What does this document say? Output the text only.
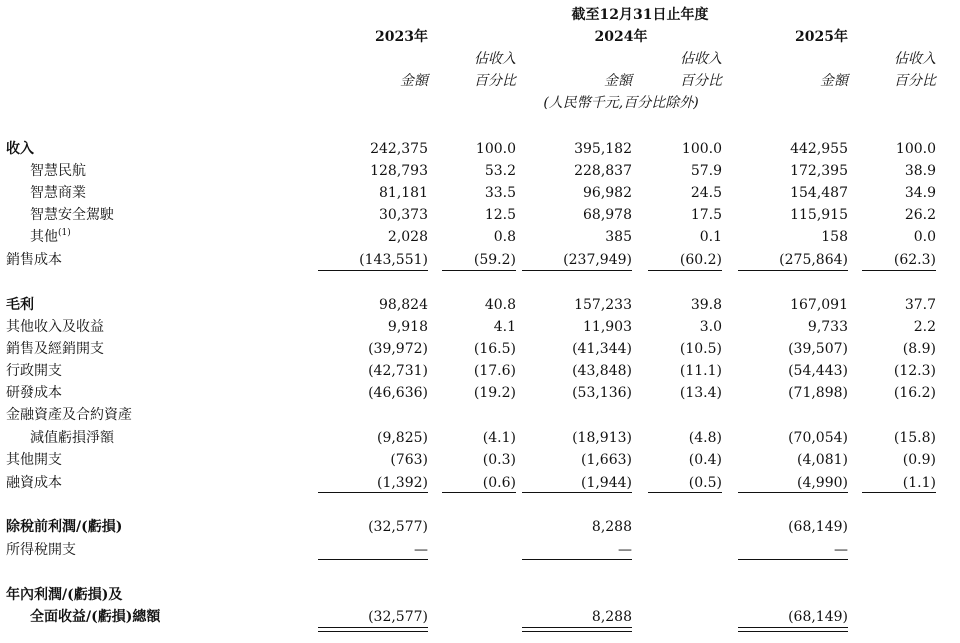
截至12月31日止年度
2023年	2024年	2025年
佔收入	佔收入	佔收入
金額	百分比	金額	百分比	金額	百分比
(人民幣千元,百分比除外)
收入	242,375	100.0	395,182	100.0	442,955	100.0
智慧民航	128,793	53.2	228,837	57.9	172,395	38.9
智慧商業	81,181	33.5	96,982	24.5	154,487	34.9
智慧安全駕駛	30,373	12.5	68,978	17.5	115,915	26.2
其他$^{(1)}$	2,028	0.8	385	0.1	158	0.0
銷售成本	(143,551)	(59.2)	(237,949)	(60.2)	(275,864)	(62.3)
毛利	98,824	40.8	157,233	39.8	167,091	37.7
其他收入及收益	9,918	4.1	11,903	3.0	9,733	2.2
銷售及經銷開支	(39,972)	(16.5)	(41,344)	(10.5)	(39,507)	(8.9)
行政開支	(42,731)	(17.6)	(43,848)	(11.1)	(54,443)	(12.3)
研發成本	(46,636)	(19.2)	(53,136)	(13.4)	(71,898)	(16.2)
金融資產及合約資產
減值虧損淨額	(9,825)	(4.1)	(18,913)	(4.8)	(70,054)	(15.8)
其他開支	(763)	(0.3)	(1,663)	(0.4)	(4,081)	(0.9)
融資成本	(1,392)	(0.6)	(1,944)	(0.5)	(4,990)	(1.1)
除稅前利潤/(虧損)	(32,577)	8,288	(68,149)
所得稅開支	—	—	—
年內利潤/(虧損)及
全面收益/(虧損)總額	(32,577)	8,288	(68,149)
